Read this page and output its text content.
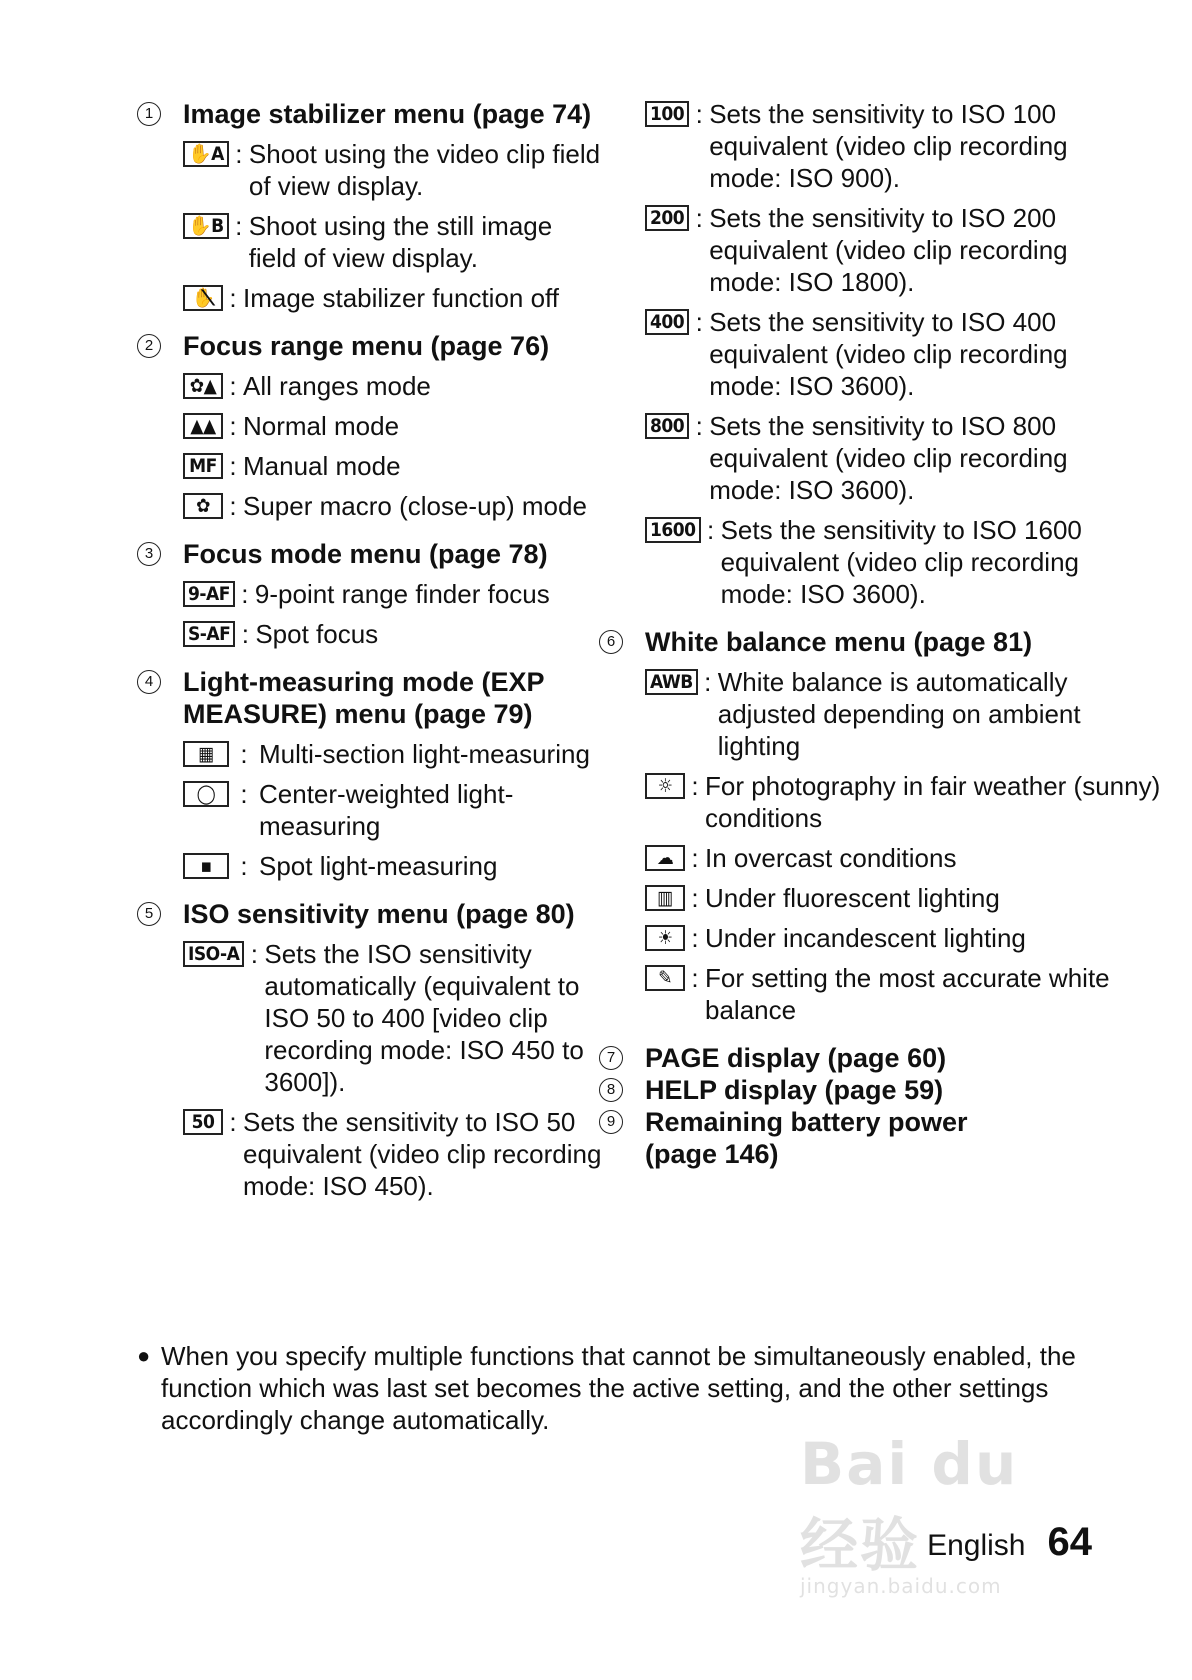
1 Image stabilizer menu (page 74)
✋A : Shoot using the video clip field of view display.
✋B : Shoot using the still image field of view display.
✋⃥ : Image stabilizer function off
2 Focus range menu (page 76)
✿▲ : All ranges mode
▲▲ : Normal mode
MF : Manual mode
✿ : Super macro (close-up) mode
3 Focus mode menu (page 78)
9-AF : 9-point range finder focus
S-AF : Spot focus
4 Light-measuring mode (EXP MEASURE) menu (page 79)
▦	: Multi-section light-measuring
◯ : Center-weighted light-measuring
▪	: Spot light-measuring
5 ISO sensitivity menu (page 80)
ISO-A : Sets the ISO sensitivity automatically (equivalent to ISO 50 to 400 [video clip recording mode: ISO 450 to 3600]).
50 : Sets the sensitivity to ISO 50 equivalent (video clip recording mode: ISO 450).
100 : Sets the sensitivity to ISO 100 equivalent (video clip recording mode: ISO 900).
200 : Sets the sensitivity to ISO 200 equivalent (video clip recording mode: ISO 1800).
400 : Sets the sensitivity to ISO 400 equivalent (video clip recording mode: ISO 3600).
800 : Sets the sensitivity to ISO 800 equivalent (video clip recording mode: ISO 3600).
1600 : Sets the sensitivity to ISO 1600 equivalent (video clip recording mode: ISO 3600).
6 White balance menu (page 81)
AWB : White balance is automatically adjusted depending on ambient lighting
☼ : For photography in fair weather (sunny) conditions
☁ : In overcast conditions
▥ : Under fluorescent lighting
☀ : Under incandescent lighting
✎ : For setting the most accurate white balance
7 PAGE display (page 60)
8 HELP display (page 59)
9 Remaining battery power (page 146)
● When you specify multiple functions that cannot be simultaneously enabled, the function which was last set becomes the active setting, and the other settings accordingly change automatically.
Bai du 经验
jingyan.baidu.com
English 64
